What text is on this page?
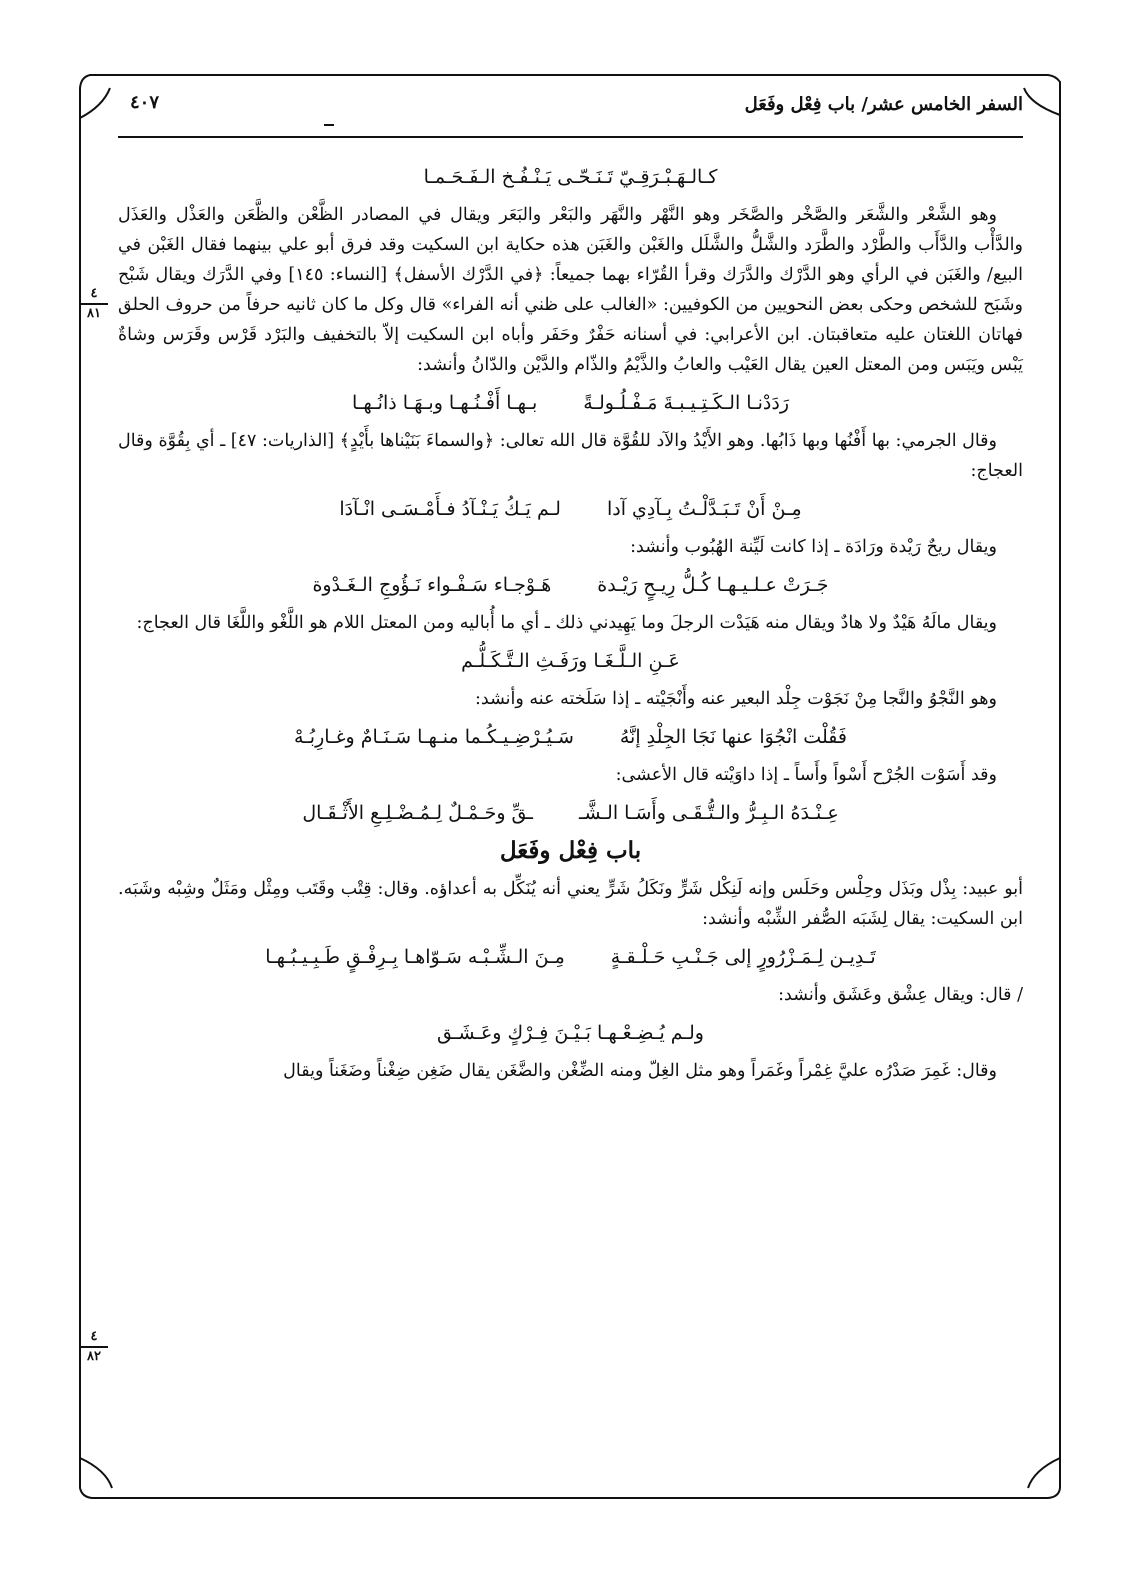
السفر الخامس عشر/ باب فِعْل وفَعَل
٤٠٧
كـالـهَـبْـرَقِـيّ تَـنَـحّـى يَـنْـفُـخ الـفَـحَـمـا

وهو الشَّعْر والشَّعَر والصَّخْر والصَّخَر وهو النَّهْر والنَّهَر والبَعْر والبَعَر ويقال في المصادر الظَّعْن والظَّعَن والعَذْل والعَذَل والدَّأْب والدَّأَب والطَّرْد والطَّرَد والشَّلُّ والشَّلَل والغَبْن والغَبَن هذه حكاية ابن السكيت وقد فرق أبو علي بينهما فقال الغَبْن في البيع/ والغَبَن في الرأي وهو الدَّرْك والدَّرَك وقرأ القُرّاء بهما جميعاً: ﴿في الدَّرْك الأسفل﴾ [النساء: ١٤٥] وفي الدَّرَك ويقال شَبْح وشَبَح للشخص وحكى بعض النحويين من الكوفيين: «الغالب على ظني أنه الفراء» قال وكل ما كان ثانيه حرفاً من حروف الحلق فهاتان اللغتان عليه متعاقبتان. ابن الأعرابي: في أسنانه حَفْرٌ وحَفَر وأباه ابن السكيت إلاّ بالتخفيف والبَرْد قَرْس وقَرَس وشاةٌ يَبْس ويَبَس ومن المعتل العين يقال العَيْب والعابُ والذَّيْمُ والذّام والدَّيْن والدّانُ وأنشد:

رَدَدْنـا الـكَـتِـيـبـةَ مَـفْـلُـولـةًبـهـا أَفْـنُـهـا وبـهَـا ذانُـهـا

وقال الجرمي: بها أَفْنُها وبها ذَابُها. وهو الأَيْدُ والآد للقُوَّة قال الله تعالى: ﴿والسماءَ بَنَيْناها بأَيْدٍ﴾ [الذاريات: ٤٧] ـ أي بِقُوَّة وقال العجاج:

مِـنْ أَنْ تَـبَـدَّلْـتُ بِـآدِي آدالـم يَـكُ يَـنْـآدُ فـأَمْـسَـى انْـآدَا

ويقال ريحٌ رَيْدة ورَادَة ـ إذا كانت لَيِّنة الهُبُوب وأنشد:

جَـرَتْ عـلـيـهـا كُـلُّ رِيـحٍ رَيْـدةهَـوْجـاء سَـفْـواء نَـؤُوجِ الـغَـدْوة

ويقال مالَهُ هَيْدٌ ولا هادٌ ويقال منه هَيَدْت الرجلَ وما يَهِيدني ذلك ـ أي ما أُباليه ومن المعتل اللام هو اللَّغْو واللَّغَا قال العجاج:

عَـنِ الـلَّـغَـا ورَفَـثِ الـتَّـكَـلُّـم

وهو النَّجْوُ والنَّجا مِنْ نَجَوْت جِلْد البعير عنه وأَنْجَيْته ـ إذا سَلَخته عنه وأنشد:

فَقُلْت انْجُوَا عنها نَجَا الجِلْدِ إنَّهُسَـيُـرْضِـيـكُـما منـهـا سَـنَـامٌ وغـارِبُـهْ

وقد أَسَوْت الجُرْح أَسْواً وأَساً ـ إذا داوَيْته قال الأعشى:

عِـنْـدَهُ الـبِـرُّ والـتُّـقَـى وأَسَـا الـشَّــقِّ وحَـمْـلٌ لِـمُـضْـلِـعِ الأَثْـقَـال
باب فِعْل وفَعَل

أبو عبيد: بِذْل وبَذَل وحِلْس وحَلَس وإنه لَنِكْل شَرٍّ ونَكَلُ شَرٍّ يعني أنه يُنَكِّل به أعداؤه. وقال: قِتْب وقَتَب ومِثْل ومَثَلٌ وشِبْه وشَبَه. ابن السكيت: يقال لِشَبَه الصُّفر الشِّبْه وأنشد:

تَـدِيـن لِـمَـزْرُورٍ إلى جَـنْـبِ حَـلْـقـةٍمِـنَ الـشِّـبْـه سَـوّاهـا بِـرِفْـقٍ طَـبِـيـبُـهـا

/ قال: ويقال عِشْق وعَشَق وأنشد:

ولـم يُـضِـعْـهـا بَـيْـنَ فِـرْكٍ وعَـشَـق

وقال: غَمِرَ صَدْرُه عليَّ غِمْراً وغَمَراً وهو مثل الغِلّ ومنه الضِّغْن والضَّغَن يقال ضَغِن ضِغْناً وضَغَناً ويقال

٤
٨١
٤
٨٢
